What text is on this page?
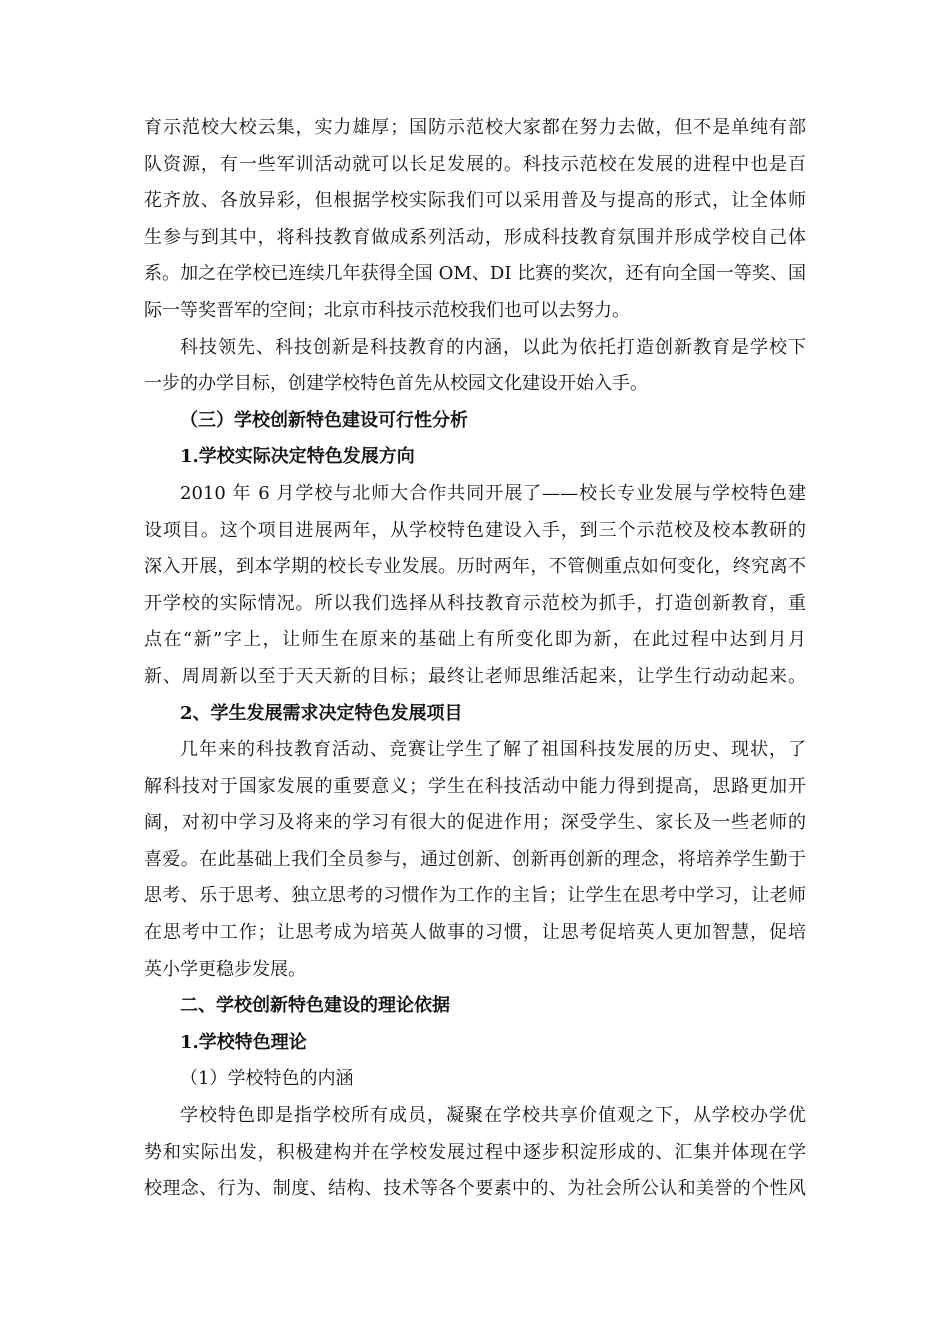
育示范校大校云集，实力雄厚；国防示范校大家都在努力去做，但不是单纯有部
队资源，有一些军训活动就可以长足发展的。科技示范校在发展的进程中也是百
花齐放、各放异彩，但根据学校实际我们可以采用普及与提高的形式，让全体师
生参与到其中，将科技教育做成系列活动，形成科技教育氛围并形成学校自己体
系。加之在学校已连续几年获得全国 OM、DI 比赛的奖次，还有向全国一等奖、国
际一等奖晋军的空间；北京市科技示范校我们也可以去努力。
科技领先、科技创新是科技教育的内涵，以此为依托打造创新教育是学校下
一步的办学目标，创建学校特色首先从校园文化建设开始入手。
（三）学校创新特色建设可行性分析
1.学校实际决定特色发展方向
2010 年 6 月学校与北师大合作共同开展了——校长专业发展与学校特色建
设项目。这个项目进展两年，从学校特色建设入手，到三个示范校及校本教研的
深入开展，到本学期的校长专业发展。历时两年，不管侧重点如何变化，终究离不
开学校的实际情况。所以我们选择从科技教育示范校为抓手，打造创新教育，重
点在“新”字上，让师生在原来的基础上有所变化即为新，在此过程中达到月月
新、周周新以至于天天新的目标；最终让老师思维活起来，让学生行动动起来。
2、学生发展需求决定特色发展项目
几年来的科技教育活动、竞赛让学生了解了祖国科技发展的历史、现状，了
解科技对于国家发展的重要意义；学生在科技活动中能力得到提高，思路更加开
阔，对初中学习及将来的学习有很大的促进作用；深受学生、家长及一些老师的
喜爱。在此基础上我们全员参与，通过创新、创新再创新的理念，将培养学生勤于
思考、乐于思考、独立思考的习惯作为工作的主旨；让学生在思考中学习，让老师
在思考中工作；让思考成为培英人做事的习惯，让思考促培英人更加智慧，促培
英小学更稳步发展。
二、学校创新特色建设的理论依据
1.学校特色理论
（1）学校特色的内涵
学校特色即是指学校所有成员，凝聚在学校共享价值观之下，从学校办学优
势和实际出发，积极建构并在学校发展过程中逐步积淀形成的、汇集并体现在学
校理念、行为、制度、结构、技术等各个要素中的、为社会所公认和美誉的个性风
